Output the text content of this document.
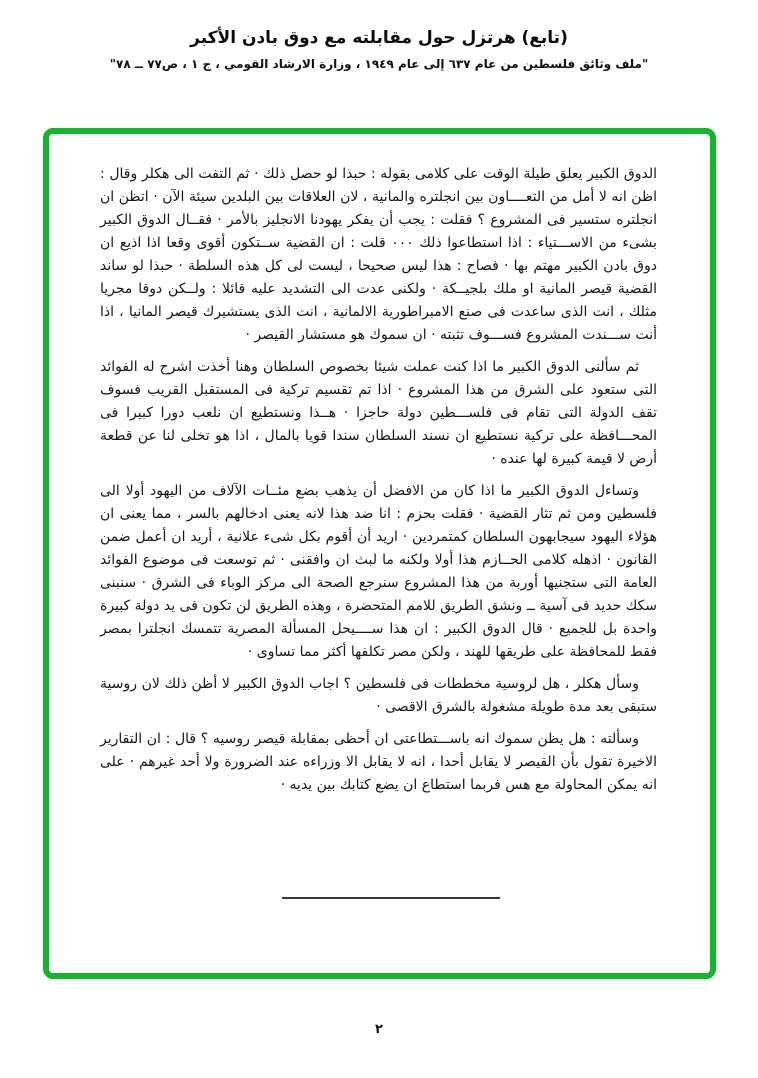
(تابع) هرتزل حول مقابلته مع دوق بادن الأكبر

"ملف وثائق فلسطين من عام ٦٣٧ إلى عام ١٩٤٩ ، وزارة الارشاد القومي ، ج ١ ، ص٧٧ ــ ٧٨"

الدوق الكبير يعلق طيلة الوقت على كلامى بقوله : حبذا لو حصل ذلك · ثم التفت الى هكلر وقال : اظن انه لا أمل من التعــــاون بين انجلتره والمانية ، لان العلاقات بين البلدين سيئة الآن · اتظن ان انجلتره ستسير فى المشروع ؟ فقلت : يجب أن يفكر يهودنا الانجليز بالأمر · فقــال الدوق الكبير بشىء من الاســـتياء : اذا استطاعوا ذلك ٠٠٠ قلت : ان القضية ســتكون أقوى وقعا اذا اذيع ان دوق بادن الكبير مهتم بها · فصاح : هذا ليس صحيحا ، ليست لى كل هذه السلطة · حبذا لو ساند القضية قيصر المانية او ملك بلجيــكة · ولكنى عدت الى التشديد عليه قائلا : ولــكن دوقا مجريا مثلك ، انت الذى ساعدت فى صنع الامبراطورية الالمانية ، انت الذى يستشيرك قيصر المانيا ، اذا أنت ســـندت المشروع فســـوف تثبته · ان سموك هو مستشار القيصر ·

ثم سألنى الدوق الكبير ما اذا كنت عملت شيئا بخصوص السلطان وهنا أخذت اشرح له الفوائد التى ستعود على الشرق من هذا المشروع · اذا تم تقسيم تركية فى المستقبل القريب فسوف تقف الدولة التى تقام فى فلســـطين دولة حاجزا · هــذا ونستطيع ان نلعب دورا كبيرا فى المحـــافظة على تركية نستطيع ان نسند السلطان سندا قويا بالمال ، اذا هو تخلى لنا عن قطعة أرض لا قيمة كبيرة لها عنده ·

وتساءل الدوق الكبير ما اذا كان من الافضل أن يذهب بضع مئــات الآلاف من اليهود أولا الى فلسطين ومن ثم تثار القضية · فقلت بحزم : انا ضد هذا لانه يعنى ادخالهم بالسر ، مما يعنى ان هؤلاء اليهود سيجابهون السلطان كمتمردين · اريد أن أقوم بكل شىء علانية ، أريد ان أعمل ضمن القانون · اذهله كلامى الحــازم هذا أولا ولكنه ما لبث ان وافقنى · ثم توسعت فى موضوع الفوائد العامة التى ستجنيها أوربة من هذا المشروع سنرجع الصحة الى مركز الوباء فى الشرق · سنبنى سكك حديد فى آسية ــ ونشق الطريق للامم المتحضرة ، وهذه الطريق لن تكون فى يد دولة كبيرة واحدة بل للجميع · قال الدوق الكبير : ان هذا ســــيحل المسألة المصرية تتمسك انجلترا بمصر فقط للمحافظة على طريقها للهند ، ولكن مصر تكلفها أكثر مما تساوى ·

وسأل هكلر ، هل لروسية مخططات فى فلسطين ؟ اجاب الدوق الكبير لا أظن ذلك لان روسية ستبقى بعد مدة طويلة مشغولة بالشرق الاقصى ·

وسألته : هل يظن سموك انه باســـتطاعتى ان أحظى بمقابلة قيصر روسيه ؟ قال : ان التقارير الاخيرة تقول بأن القيصر لا يقابل أحدا ، انه لا يقابل الا وزراءه عند الضرورة ولا أحد غيرهم · على انه يمكن المحاولة مع هس فربما استطاع ان يضع كتابك بين يديه ·

٢
